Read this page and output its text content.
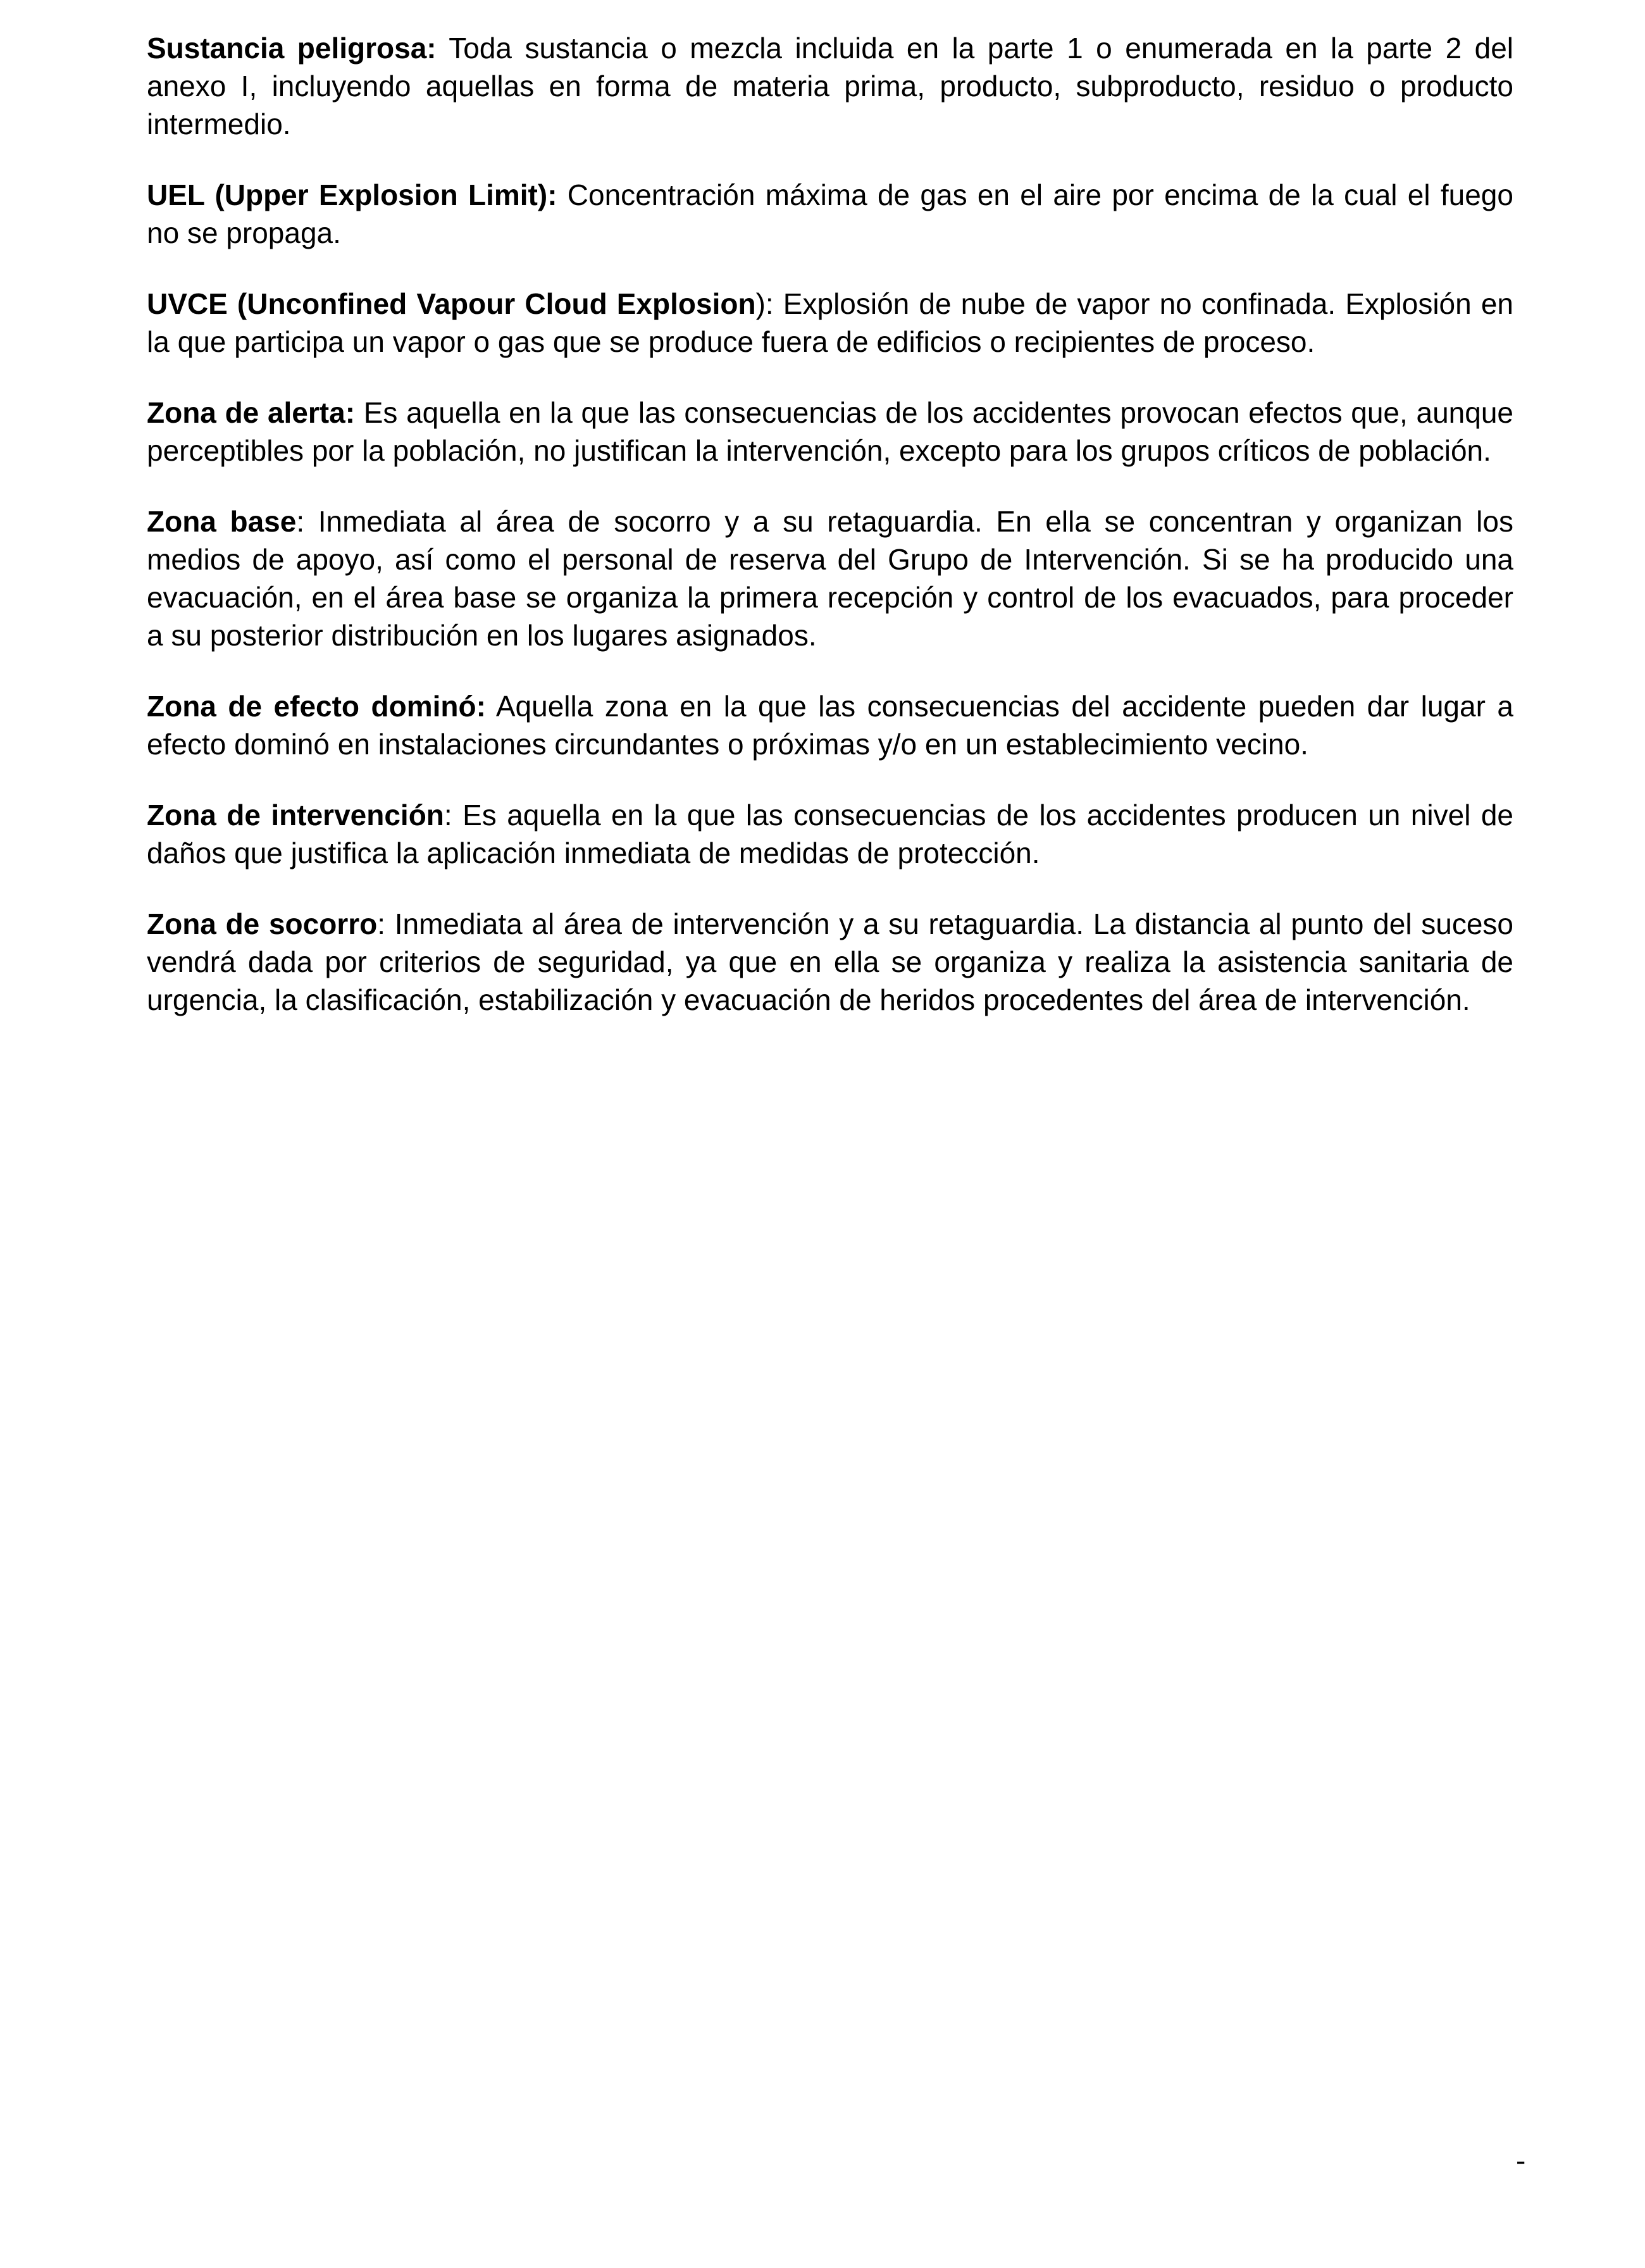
Sustancia peligrosa: Toda sustancia o mezcla incluida en la parte 1 o enumerada en la parte 2 del anexo I, incluyendo aquellas en forma de materia prima, producto, subproducto, residuo o producto intermedio.

UEL (Upper Explosion Limit): Concentración máxima de gas en el aire por encima de la cual el fuego no se propaga.

UVCE (Unconfined Vapour Cloud Explosion): Explosión de nube de vapor no confinada. Explosión en la que participa un vapor o gas que se produce fuera de edificios o recipientes de proceso.

Zona de alerta: Es aquella en la que las consecuencias de los accidentes provocan efectos que, aunque perceptibles por la población, no justifican la intervención, excepto para los grupos críticos de población.

Zona base: Inmediata al área de socorro y a su retaguardia. En ella se concentran y organizan los medios de apoyo, así como el personal de reserva del Grupo de Intervención. Si se ha producido una evacuación, en el área base se organiza la primera recepción y control de los evacuados, para proceder a su posterior distribución en los lugares asignados.

Zona de efecto dominó: Aquella zona en la que las consecuencias del accidente pueden dar lugar a efecto dominó en instalaciones circundantes o próximas y/o en un establecimiento vecino.

Zona de intervención: Es aquella en la que las consecuencias de los accidentes producen un nivel de daños que justifica la aplicación inmediata de medidas de protección.

Zona de socorro: Inmediata al área de intervención y a su retaguardia. La distancia al punto del suceso vendrá dada por criterios de seguridad, ya que en ella se organiza y realiza la asistencia sanitaria de urgencia, la clasificación, estabilización y evacuación de heridos procedentes del área de intervención.

-
